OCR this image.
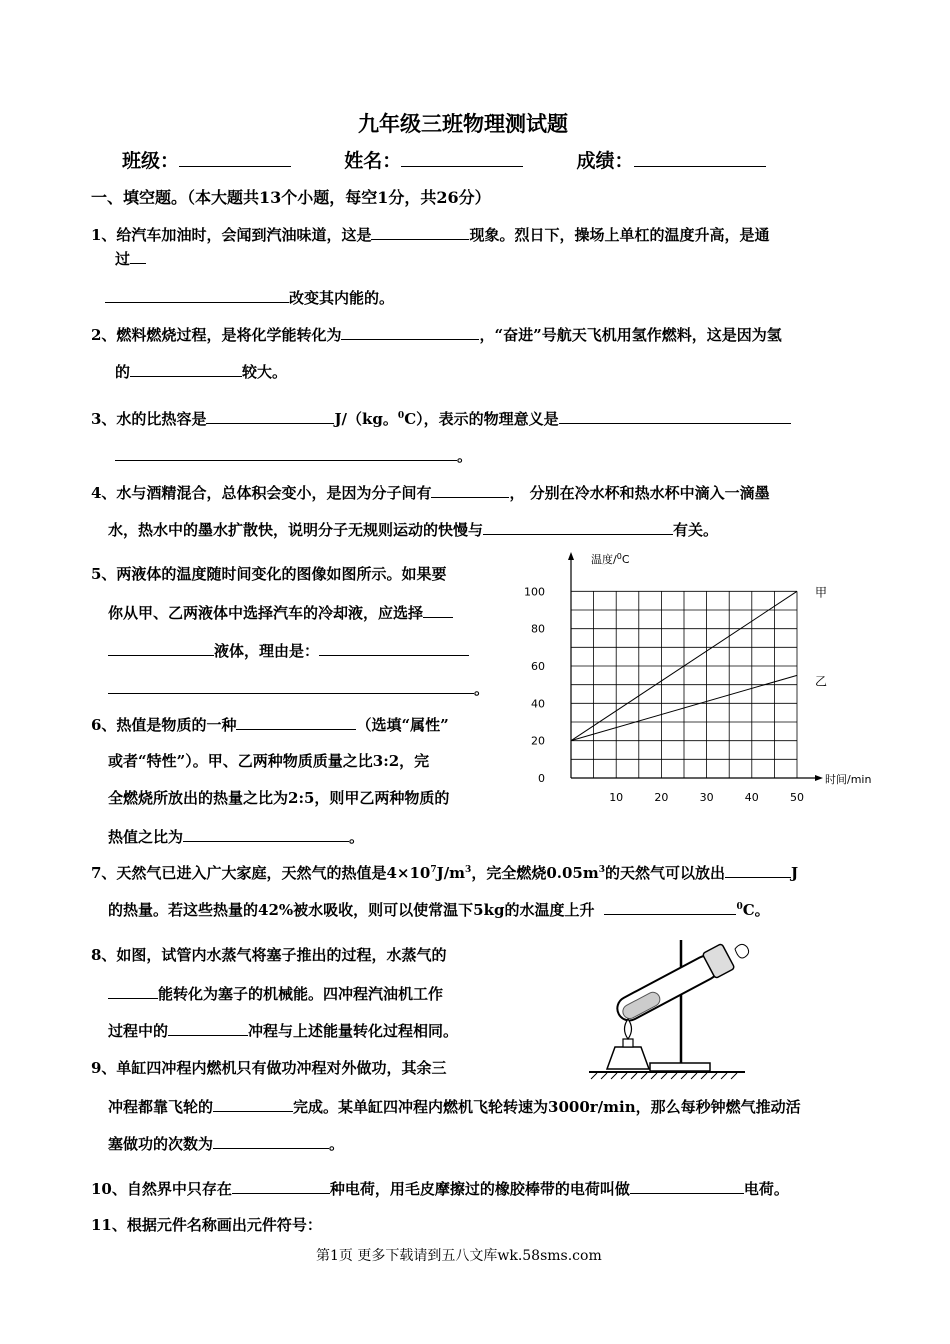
九年级三班物理测试题
班级：	姓名：	成绩：
一、填空题。（本大题共13个小题，每空1分，共26分）
1、给汽车加油时，会闻到汽油味道，这是	现象。烈日下，操场上单杠的温度升高，是通
过
改变其内能的。
2、燃料燃烧过程，是将化学能转化为	，“奋进”号航天飞机用氢作燃料，这是因为氢
的	较大。
3、水的比热容是	J/（kg。$^0$C），表示的物理意义是
。
4、水与酒精混合，总体积会变小，是因为分子间有	， 分别在冷水杯和热水杯中滴入一滴墨
水，热水中的墨水扩散快，说明分子无规则运动的快慢与	有关。
5、两液体的温度随时间变化的图像如图所示。如果要
你从甲、乙两液体中选择汽车的冷却液，应选择
液体，理由是：
。
6、热值是物质的一种	（选填“属性”
或者“特性”）。甲、乙两种物质质量之比3:2，完
全燃烧所放出的热量之比为2:5，则甲乙两种物质的
热值之比为	。
7、天然气已进入广大家庭，天然气的热值是$4\times 10^7J/m^3$，完全燃烧$0.05m^3$的天然气可以放出	J
的热量。若这些热量的42%被水吸收，则可以使常温下5kg的水温度上升	$^0$C。
8、如图，试管内水蒸气将塞子推出的过程，水蒸气的
能转化为塞子的机械能。四冲程汽油机工作
过程中的	冲程与上述能量转化过程相同。
9、单缸四冲程内燃机只有做功冲程对外做功，其余三
冲程都靠飞轮的	完成。某单缸四冲程内燃机飞轮转速为3000r/min，那么每秒钟燃气推动活
塞做功的次数为	。
10、自然界中只存在	种电荷，用毛皮摩擦过的橡胶棒带的电荷叫做	电荷。
11、根据元件名称画出元件符号：
第1页 更多下载请到五八文库wk.58sms.com
0
20
40
60
80
100
10	20	30	40	50
甲
乙
温度/$^0$C
时间/min
